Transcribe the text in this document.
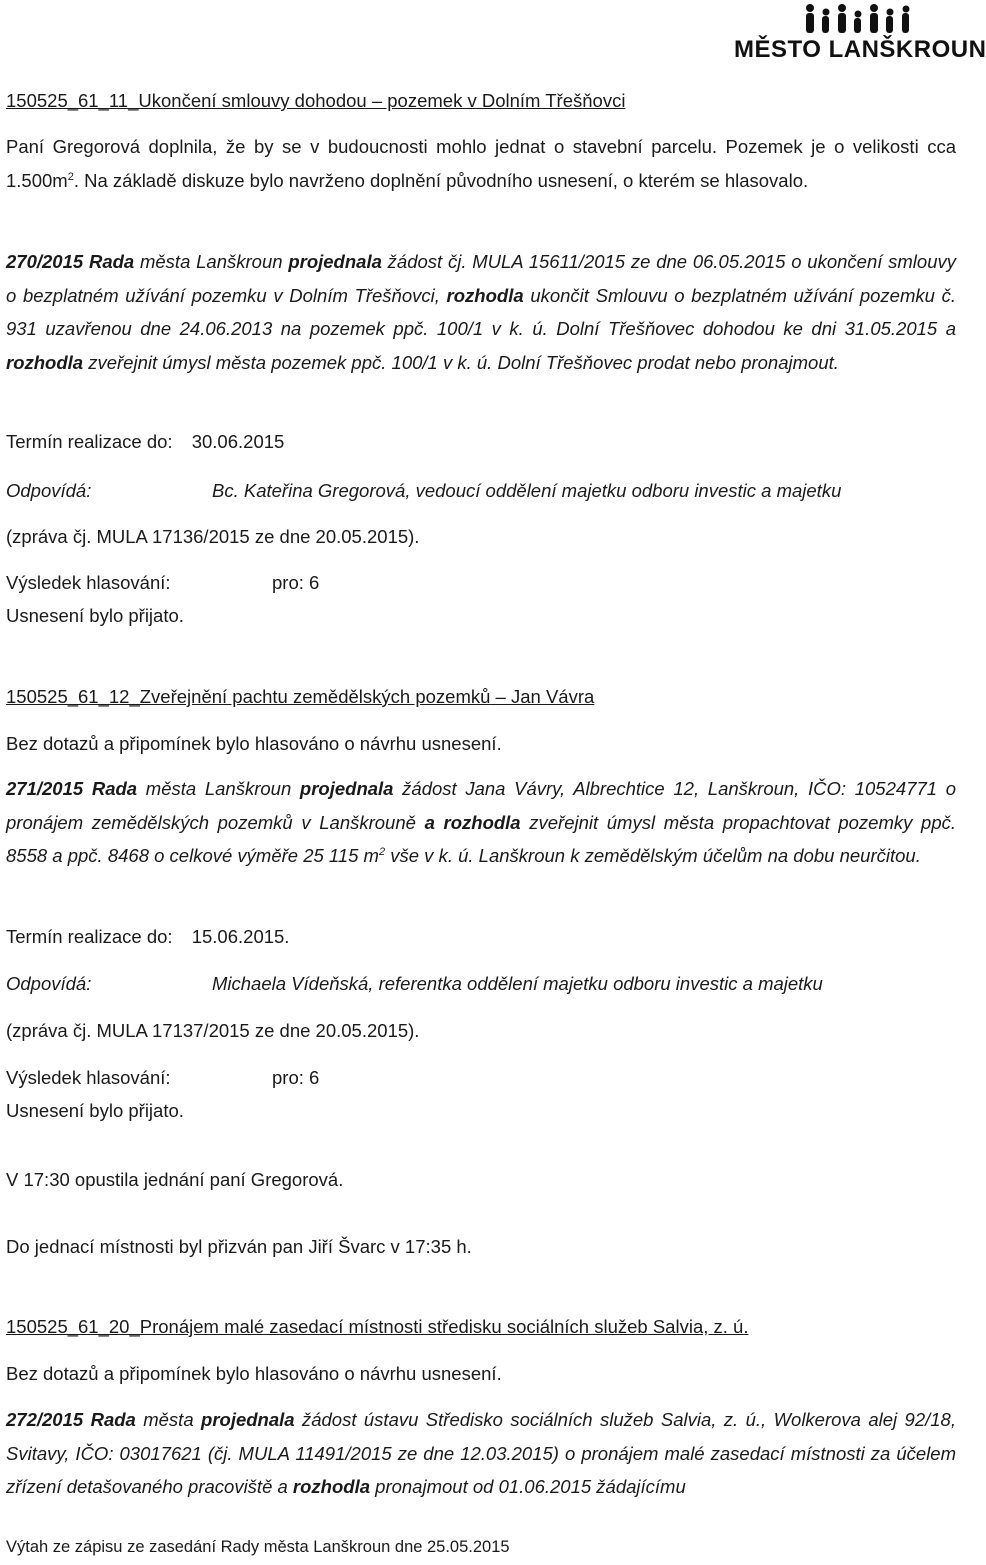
MĚSTO LANŠKROUN
150525_61_11_Ukončení smlouvy dohodou – pozemek v Dolním Třešňovci
Paní Gregorová doplnila, že by se v budoucnosti mohlo jednat o stavební parcelu. Pozemek je o velikosti cca $1.500m^2$. Na základě diskuze bylo navrženo doplnění původního usnesení, o kterém se hlasovalo.
270/2015 Rada města Lanškroun projednala žádost čj. MULA 15611/2015 ze dne 06.05.2015 o ukončení smlouvy o bezplatném užívání pozemku v Dolním Třešňovci, rozhodla ukončit Smlouvu o bezplatném užívání pozemku č. 931 uzavřenou dne 24.06.2013 na pozemek ppč. 100/1 v k. ú. Dolní Třešňovec dohodou ke dni 31.05.2015 a rozhodla zveřejnit úmysl města pozemek ppč. 100/1 v k. ú. Dolní Třešňovec prodat nebo pronajmout.
Termín realizace do: 30.06.2015
Odpovídá:	Bc. Kateřina Gregorová, vedoucí oddělení majetku odboru investic a majetku
(zpráva čj. MULA 17136/2015 ze dne 20.05.2015).
Výsledek hlasování:	pro: 6
Usnesení bylo přijato.
150525_61_12_Zveřejnění pachtu zemědělských pozemků – Jan Vávra
Bez dotazů a připomínek bylo hlasováno o návrhu usnesení.
271/2015 Rada města Lanškroun projednala žádost Jana Vávry, Albrechtice 12, Lanškroun, IČO: 10524771 o pronájem zemědělských pozemků v Lanškrouně a rozhodla zveřejnit úmysl města propachtovat pozemky ppč. 8558 a ppč. 8468 o celkové výměře 25 115 $m^2$ vše v k. ú. Lanškroun k zemědělským účelům na dobu neurčitou.
Termín realizace do: 15.06.2015.
Odpovídá:	Michaela Vídeňská, referentka oddělení majetku odboru investic a majetku
(zpráva čj. MULA 17137/2015 ze dne 20.05.2015).
Výsledek hlasování:	pro: 6
Usnesení bylo přijato.
V 17:30 opustila jednání paní Gregorová.
Do jednací místnosti byl přizván pan Jiří Švarc v 17:35 h.
150525_61_20_Pronájem malé zasedací místnosti středisku sociálních služeb Salvia, z. ú.
Bez dotazů a připomínek bylo hlasováno o návrhu usnesení.
272/2015 Rada města projednala žádost ústavu Středisko sociálních služeb Salvia, z. ú., Wolkerova alej 92/18, Svitavy, IČO: 03017621 (čj. MULA 11491/2015 ze dne 12.03.2015) o pronájem malé zasedací místnosti za účelem zřízení detašovaného pracoviště a rozhodla pronajmout od 01.06.2015 žádajícímu
Výtah ze zápisu ze zasedání Rady města Lanškroun dne 25.05.2015
